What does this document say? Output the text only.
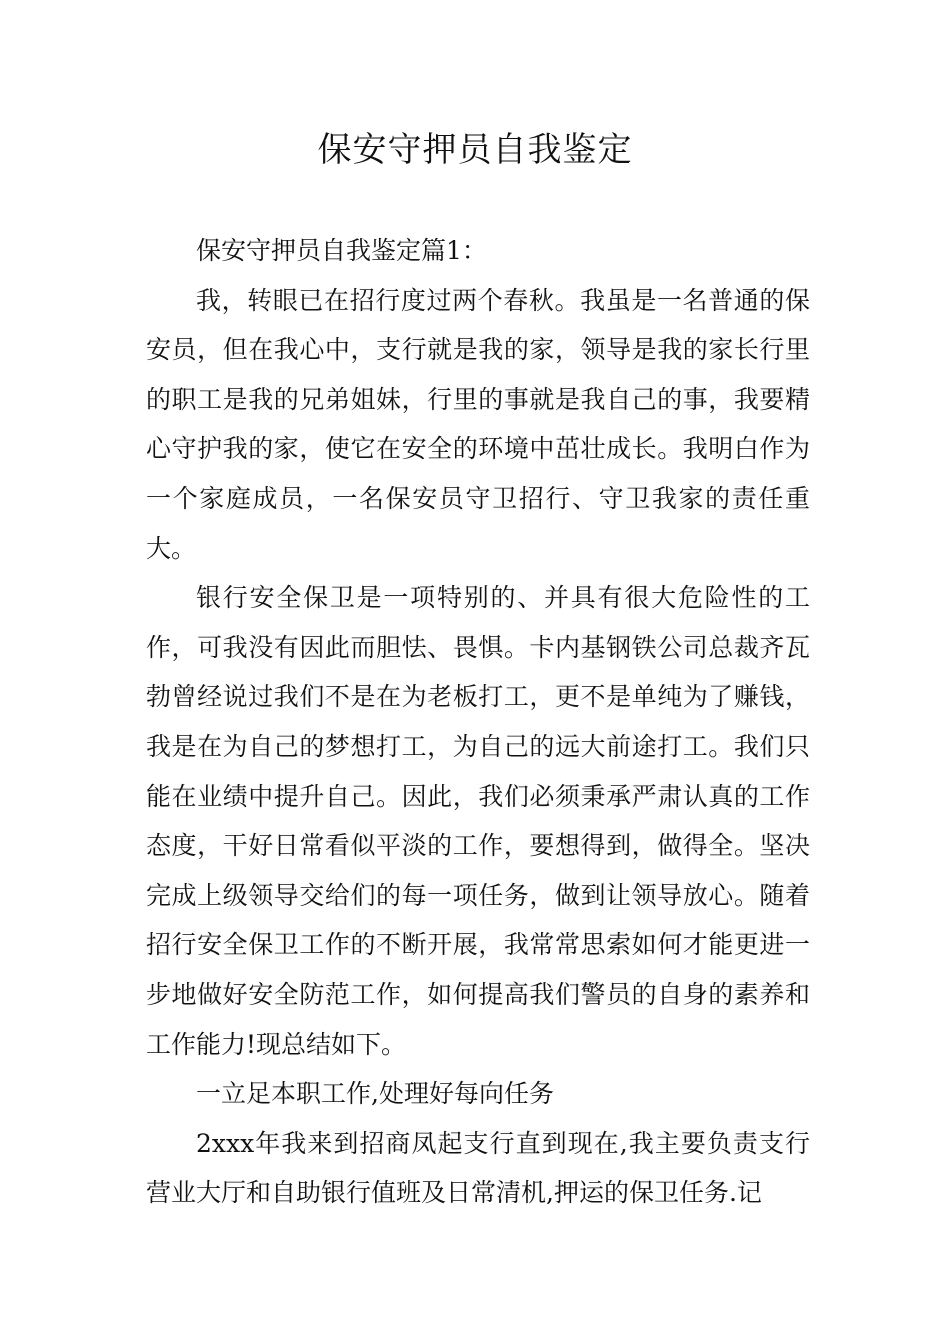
保安守押员自我鉴定

保安守押员自我鉴定篇1：

我，转眼已在招行度过两个春秋。我虽是一名普通的保安员，但在我心中，支行就是我的家，领导是我的家长行里的职工是我的兄弟姐妹，行里的事就是我自己的事，我要精心守护我的家，使它在安全的环境中茁壮成长。我明白作为一个家庭成员，一名保安员守卫招行、守卫我家的责任重大。

银行安全保卫是一项特别的、并具有很大危险性的工作，可我没有因此而胆怯、畏惧。卡内基钢铁公司总裁齐瓦勃曾经说过我们不是在为老板打工，更不是单纯为了赚钱，我是在为自己的梦想打工，为自己的远大前途打工。我们只能在业绩中提升自己。因此，我们必须秉承严肃认真的工作态度，干好日常看似平淡的工作，要想得到，做得全。坚决完成上级领导交给们的每一项任务，做到让领导放心。随着招行安全保卫工作的不断开展，我常常思索如何才能更进一步地做好安全防范工作，如何提高我们警员的自身的素养和工作能力!现总结如下。

一立足本职工作,处理好每向任务

2xxx年我来到招商凤起支行直到现在,我主要负责支行营业大厅和自助银行值班及日常清机,押运的保卫任务.记
